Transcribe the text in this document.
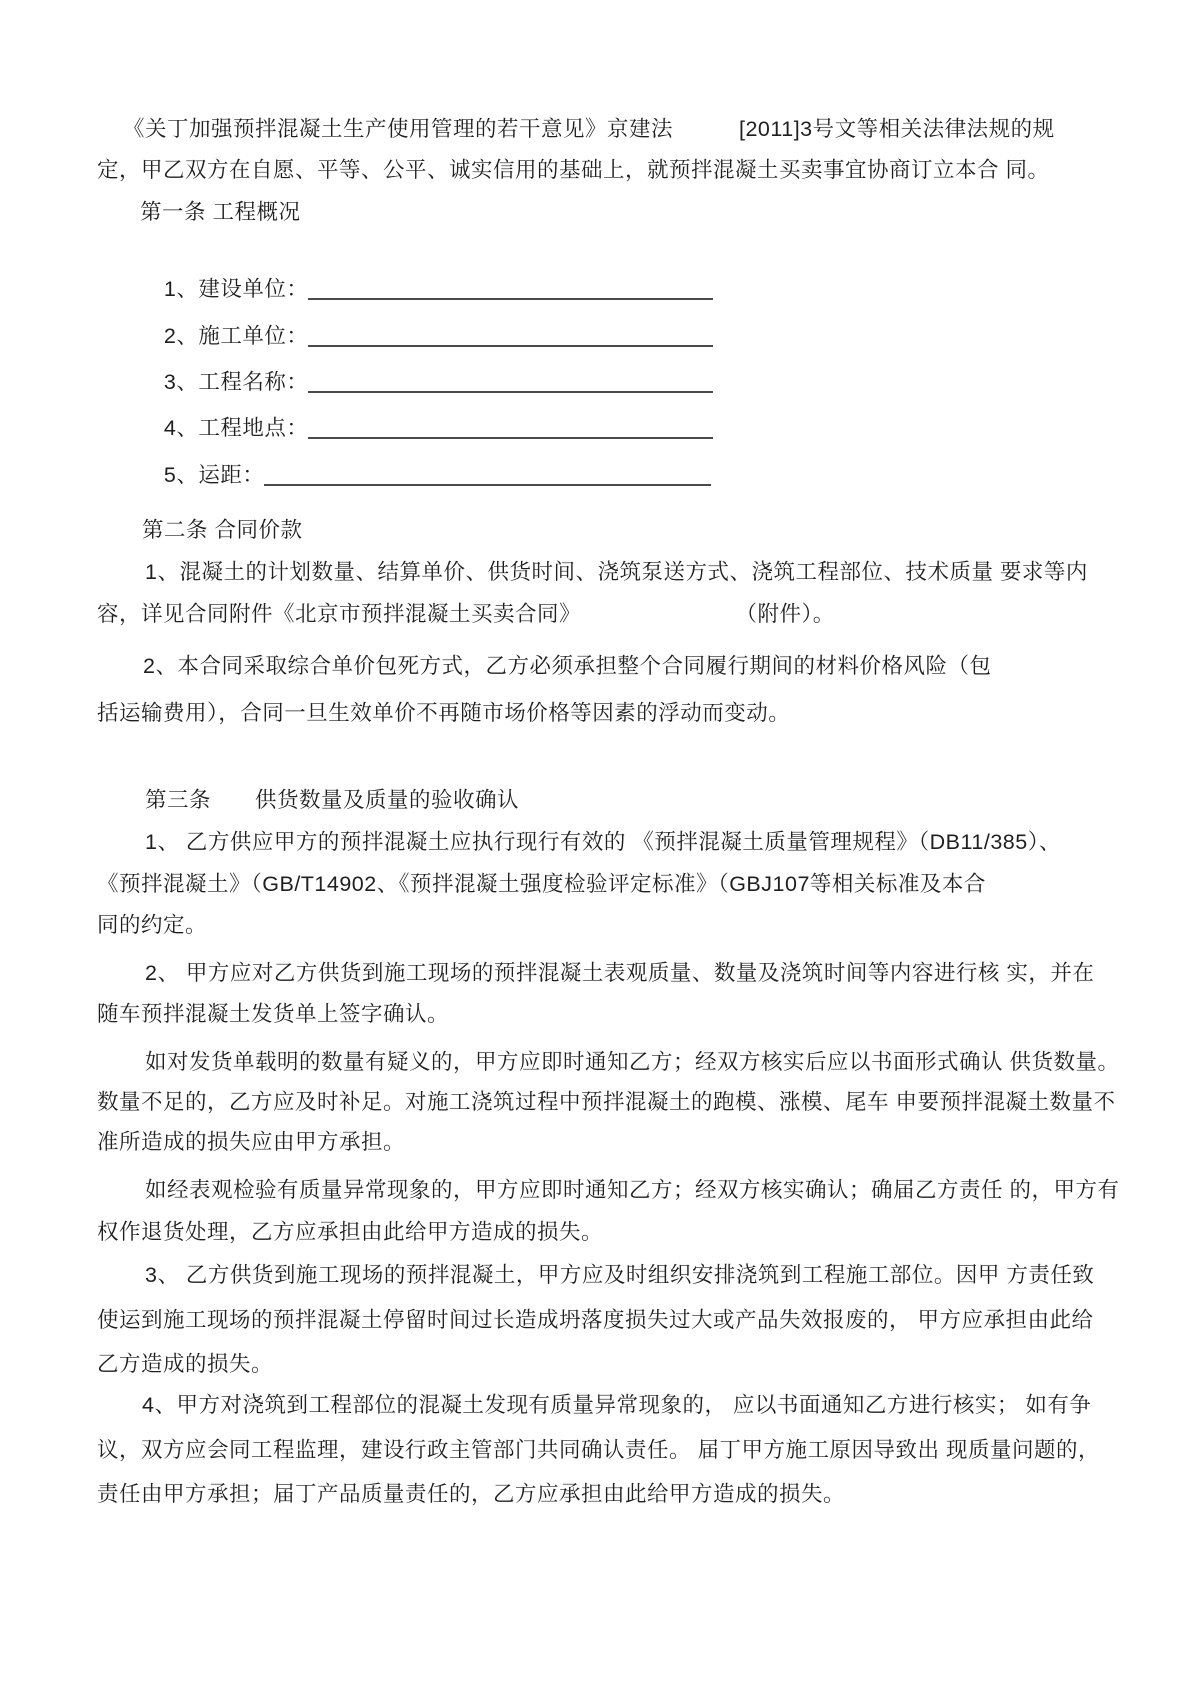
《关丁加强预拌混凝土生产使用管理的若干意见》京建法　　　[2011]3号文等相关法律法规的规
定，甲乙双方在自愿、平等、公平、诚实信用的基础上，就预拌混凝土买卖事宜协商订立本合 同。
第一条 工程概况

1、建设单位：

2、施工单位：

3、工程名称：

4、工程地点：

5、运距：

第二条 合同价款
1、混凝土的计划数量、结算单价、供货时间、浇筑泵送方式、浇筑工程部位、技术质量 要求等内
容，详见合同附件《北京市预拌混凝土买卖合同》　　　　　　　　（附件）。
2、本合同采取综合单价包死方式，乙方必须承担整个合同履行期间的材料价格风险（包
括运输费用），合同一旦生效单价不再随市场价格等因素的浮动而变动。
第三条　　供货数量及质量的验收确认
1、 乙方供应甲方的预拌混凝土应执行现行有效的 《预拌混凝土质量管理规程》（DB11/385）、
《预拌混凝土》（GB/T14902、《预拌混凝土强度检验评定标准》（GBJ107等相关标准及本合
同的约定。
2、 甲方应对乙方供货到施工现场的预拌混凝土表观质量、数量及浇筑时间等内容进行核 实，并在
随车预拌混凝土发货单上签字确认。
如对发货单载明的数量有疑义的，甲方应即时通知乙方；经双方核实后应以书面形式确认 供货数量。
数量不足的，乙方应及时补足。对施工浇筑过程中预拌混凝土的跑模、涨模、尾车 申要预拌混凝土数量不
准所造成的损失应由甲方承担。
如经表观检验有质量异常现象的，甲方应即时通知乙方；经双方核实确认；确届乙方责任 的，甲方有
权作退货处理，乙方应承担由此给甲方造成的损失。
3、 乙方供货到施工现场的预拌混凝土，甲方应及时组织安排浇筑到工程施工部位。因甲 方责任致
使运到施工现场的预拌混凝土停留时间过长造成坍落度损失过大或产品失效报废的， 甲方应承担由此给
乙方造成的损失。
4、甲方对浇筑到工程部位的混凝土发现有质量异常现象的， 应以书面通知乙方进行核实； 如有争
议，双方应会同工程监理，建设行政主管部门共同确认责任。 届丁甲方施工原因导致出 现质量问题的，
责任由甲方承担；届丁产品质量责任的，乙方应承担由此给甲方造成的损失。
